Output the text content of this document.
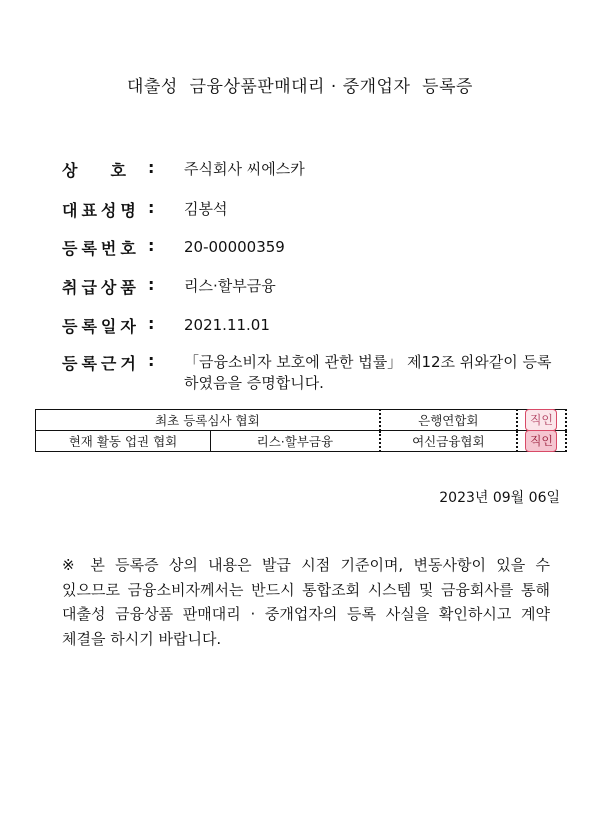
대출성  금융상품판매대리 · 중개업자  등록증
상 호 : 주식회사 씨에스카
대표성명 : 김봉석
등록번호 : 20-00000359
취급상품 : 리스·할부금융
등록일자 : 2021.11.01
등록근거 : 「금융소비자 보호에 관한 법률」 제12조 위와같이 등록하였음을 증명합니다.
최초 등록심사 협회		은행연합회	직인

현재 활동 업권 협회	리스·할부금융	여신금융협회	직인
2023년 09월 06일
※ 본 등록증 상의 내용은 발급 시점 기준이며, 변동사항이 있을 수 있으므로 금융소비자께서는 반드시 통합조회 시스템 및 금융회사를 통해 대출성 금융상품 판매대리 · 중개업자의 등록 사실을 확인하시고 계약 체결을 하시기 바랍니다.
